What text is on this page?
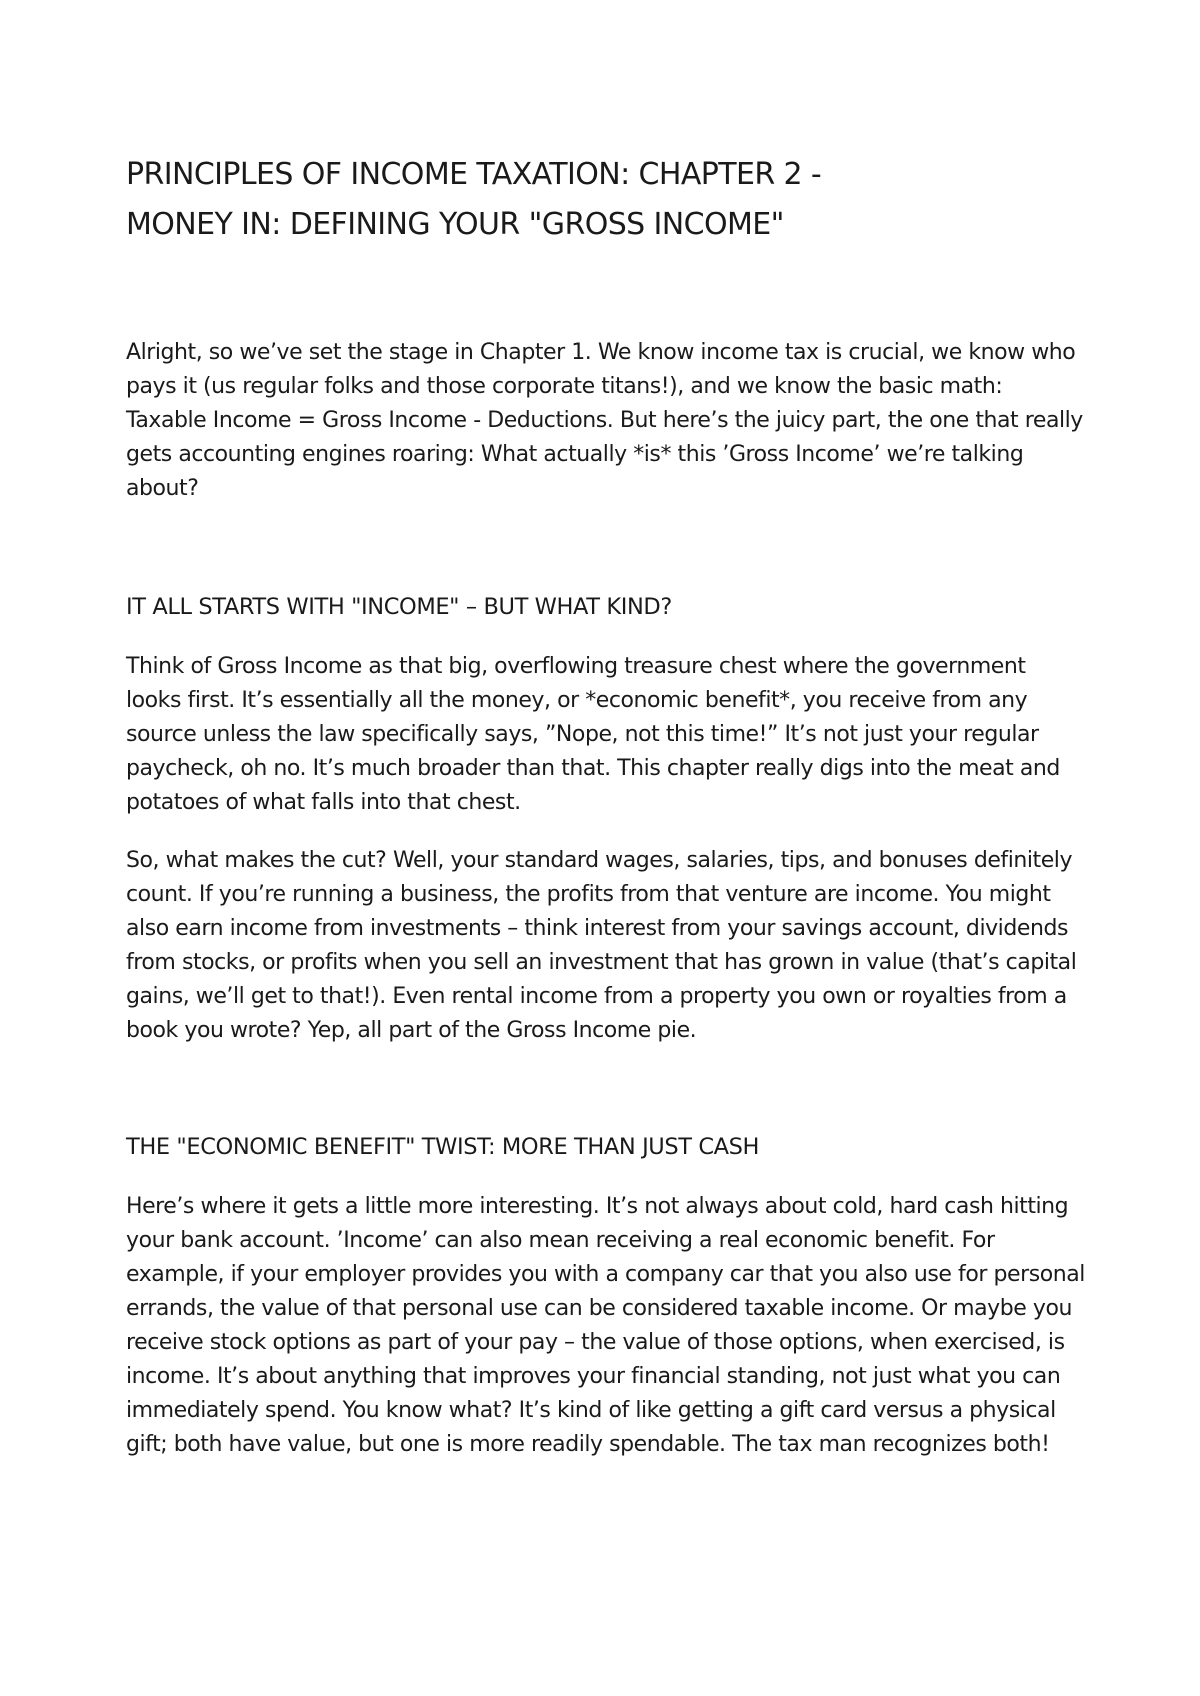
PRINCIPLES OF INCOME TAXATION: CHAPTER 2 -
MONEY IN: DEFINING YOUR "GROSS INCOME"

Alright, so we’ve set the stage in Chapter 1. We know income tax is crucial, we know who pays it (us regular folks and those corporate titans!), and we know the basic math: Taxable Income = Gross Income - Deductions. But here’s the juicy part, the one that really gets accounting engines roaring: What actually *is* this ’Gross Income’ we’re talking about?

IT ALL STARTS WITH "INCOME" – BUT WHAT KIND?

Think of Gross Income as that big, overflowing treasure chest where the government looks first. It’s essentially all the money, or *economic benefit*, you receive from any source unless the law specifically says, ”Nope, not this time!” It’s not just your regular paycheck, oh no. It’s much broader than that. This chapter really digs into the meat and potatoes of what falls into that chest.

So, what makes the cut? Well, your standard wages, salaries, tips, and bonuses definitely count. If you’re running a business, the profits from that venture are income. You might also earn income from investments – think interest from your savings account, dividends from stocks, or profits when you sell an investment that has grown in value (that’s capital gains, we’ll get to that!). Even rental income from a property you own or royalties from a book you wrote? Yep, all part of the Gross Income pie.

THE "ECONOMIC BENEFIT" TWIST: MORE THAN JUST CASH

Here’s where it gets a little more interesting. It’s not always about cold, hard cash hitting your bank account. ’Income’ can also mean receiving a real economic benefit. For example, if your employer provides you with a company car that you also use for personal errands, the value of that personal use can be considered taxable income. Or maybe you receive stock options as part of your pay – the value of those options, when exercised, is income. It’s about anything that improves your financial standing, not just what you can immediately spend. You know what? It’s kind of like getting a gift card versus a physical gift; both have value, but one is more readily spendable. The tax man recognizes both!
